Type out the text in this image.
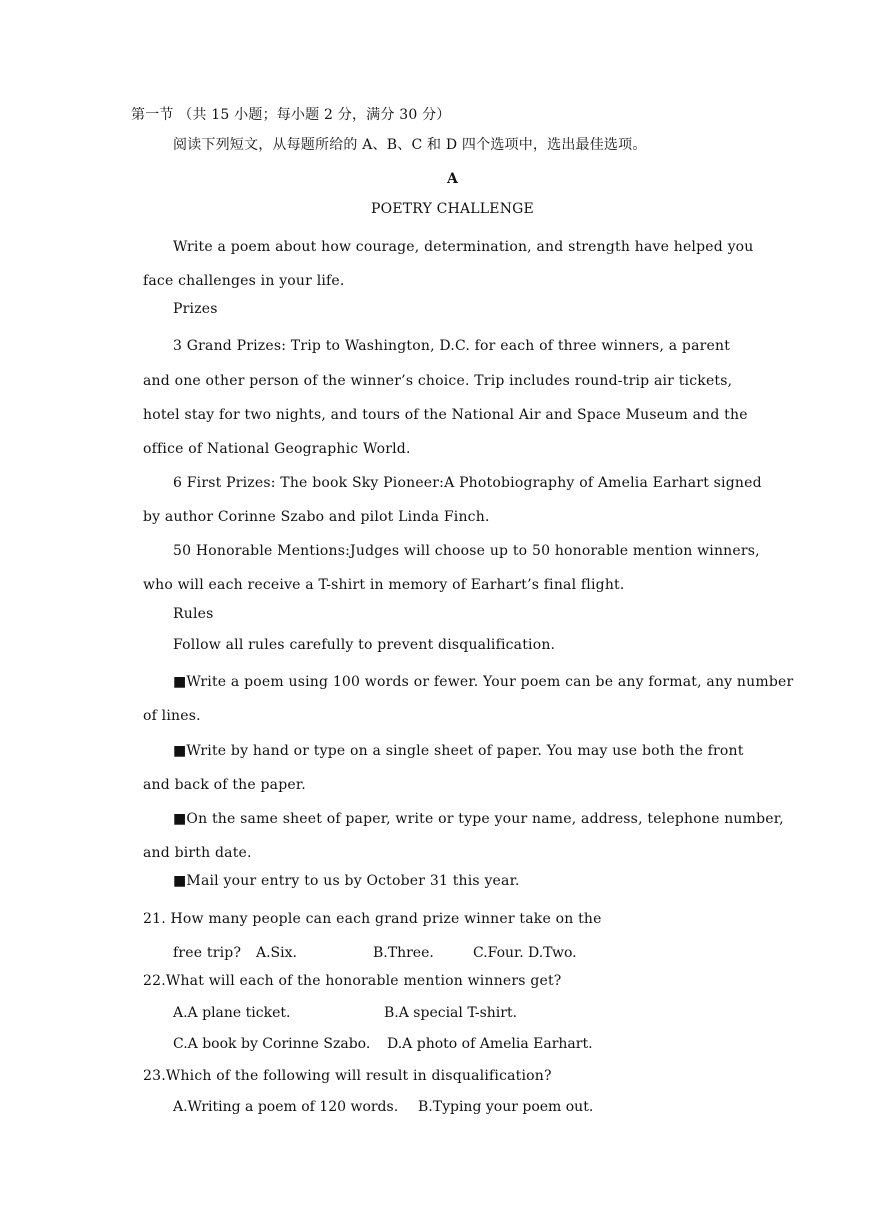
第一节 （共 15 小题；每小题 2 分，满分 30 分）
阅读下列短文，从每题所给的 A、B、C 和 D 四个选项中，选出最佳选项。
A
POETRY CHALLENGE
Write a poem about how courage, determination, and strength have helped you
face challenges in your life.
Prizes
3 Grand Prizes: Trip to Washington, D.C. for each of three winners, a parent
and one other person of the winner’s choice. Trip includes round-trip air tickets,
hotel stay for two nights, and tours of the National Air and Space Museum and the
office of National Geographic World.
6 First Prizes: The book Sky Pioneer:A Photobiography of Amelia Earhart signed
by author Corinne Szabo and pilot Linda Finch.
50 Honorable Mentions:Judges will choose up to 50 honorable mention winners,
who will each receive a T-shirt in memory of Earhart’s final flight.
Rules
Follow all rules carefully to prevent disqualification.
■Write a poem using 100 words or fewer. Your poem can be any format, any number
of lines.
■Write by hand or type on a single sheet of paper. You may use both the front
and back of the paper.
■On the same sheet of paper, write or type your name, address, telephone number,
and birth date.
■Mail your entry to us by October 31 this year.
21. How many people can each grand prize winner take on the
free trip? A.Six.	B.Three.	C.Four. D.Two.
22.What will each of the honorable mention winners get?
A.A plane ticket.	B.A special T-shirt.
C.A book by Corinne Szabo. D.A photo of Amelia Earhart.
23.Which of the following will result in disqualification?
A.Writing a poem of 120 words. B.Typing your poem out.
